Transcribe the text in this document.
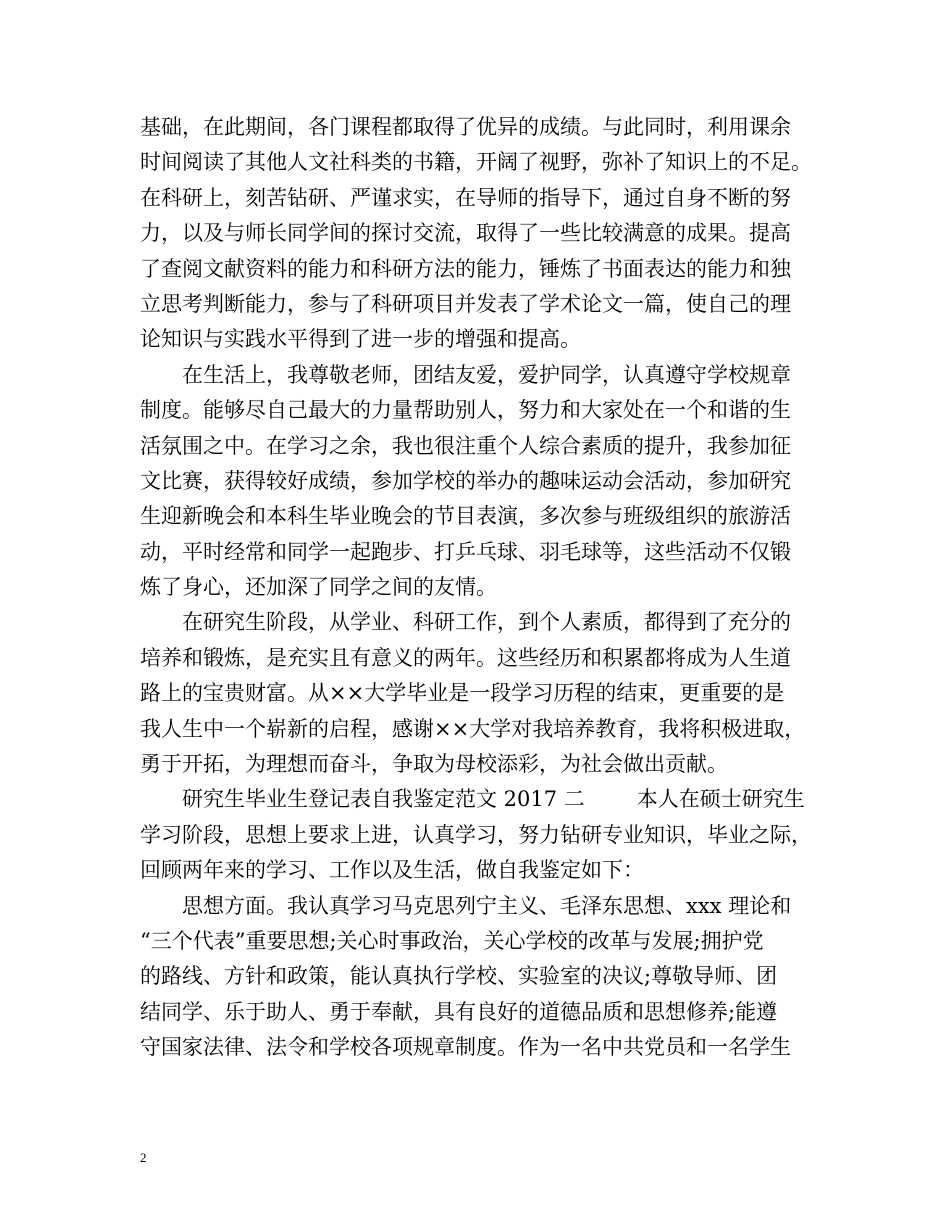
基础，在此期间，各门课程都取得了优异的成绩。与此同时，利用课余
时间阅读了其他人文社科类的书籍，开阔了视野，弥补了知识上的不足。
在科研上，刻苦钻研、严谨求实，在导师的指导下，通过自身不断的努
力，以及与师长同学间的探讨交流，取得了一些比较满意的成果。提高
了查阅文献资料的能力和科研方法的能力，锤炼了书面表达的能力和独
立思考判断能力，参与了科研项目并发表了学术论文一篇，使自己的理
论知识与实践水平得到了进一步的增强和提高。
在生活上，我尊敬老师，团结友爱，爱护同学，认真遵守学校规章
制度。能够尽自己最大的力量帮助别人，努力和大家处在一个和谐的生
活氛围之中。在学习之余，我也很注重个人综合素质的提升，我参加征
文比赛，获得较好成绩，参加学校的举办的趣味运动会活动，参加研究
生迎新晚会和本科生毕业晚会的节目表演，多次参与班级组织的旅游活
动，平时经常和同学一起跑步、打乒乓球、羽毛球等，这些活动不仅锻
炼了身心，还加深了同学之间的友情。
在研究生阶段，从学业、科研工作，到个人素质，都得到了充分的
培养和锻炼，是充实且有意义的两年。这些经历和积累都将成为人生道
路上的宝贵财富。从××大学毕业是一段学习历程的结束，更重要的是
我人生中一个崭新的启程，感谢××大学对我培养教育，我将积极进取，
勇于开拓，为理想而奋斗，争取为母校添彩，为社会做出贡献。
研究生毕业生登记表自我鉴定范文 2017 二 本人在硕士研究生
学习阶段，思想上要求上进，认真学习，努力钻研专业知识，毕业之际，
回顾两年来的学习、工作以及生活，做自我鉴定如下：
思想方面。我认真学习马克思列宁主义、毛泽东思想、xxx 理论和
“三个代表”重要思想;关心时事政治，关心学校的改革与发展;拥护党
的路线、方针和政策，能认真执行学校、实验室的决议;尊敬导师、团
结同学、乐于助人、勇于奉献，具有良好的道德品质和思想修养;能遵
守国家法律、法令和学校各项规章制度。作为一名中共党员和一名学生
2
